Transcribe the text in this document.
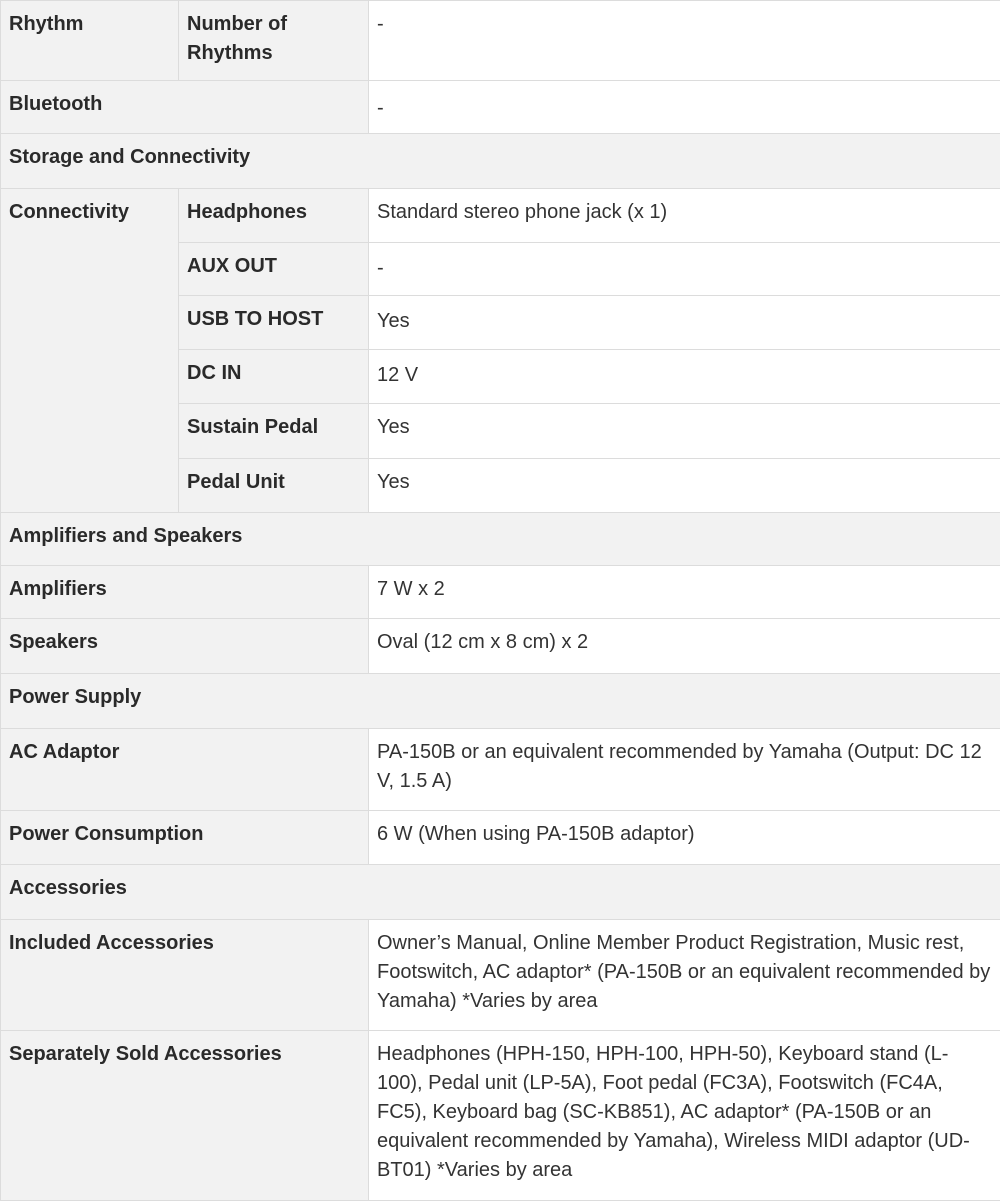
Rhythm	Number of Rhythms	-
Bluetooth		-
Storage and Connectivity		
Connectivity	Headphones	Standard stereo phone jack (x 1)
	AUX OUT	-
	USB TO HOST	Yes
	DC IN	12 V
	Sustain Pedal	Yes
	Pedal Unit	Yes
Amplifiers and Speakers		
Amplifiers		7 W x 2
Speakers		Oval (12 cm x 8 cm) x 2
Power Supply		
AC Adaptor		PA-150B or an equivalent recommended by Yamaha (Output: DC 12 V, 1.5 A)
Power Consumption		6 W (When using PA-150B adaptor)
Accessories		
Included Accessories		Owner’s Manual, Online Member Product Registration, Music rest, Footswitch, AC adaptor* (PA-150B or an equivalent recommended by Yamaha) *Varies by area
Separately Sold Accessories		Headphones (HPH-150, HPH-100, HPH-50), Keyboard stand (L-100), Pedal unit (LP-5A), Foot pedal (FC3A), Footswitch (FC4A, FC5), Keyboard bag (SC-KB851), AC adaptor* (PA-150B or an equivalent recommended by Yamaha), Wireless MIDI adaptor (UD-BT01) *Varies by area
